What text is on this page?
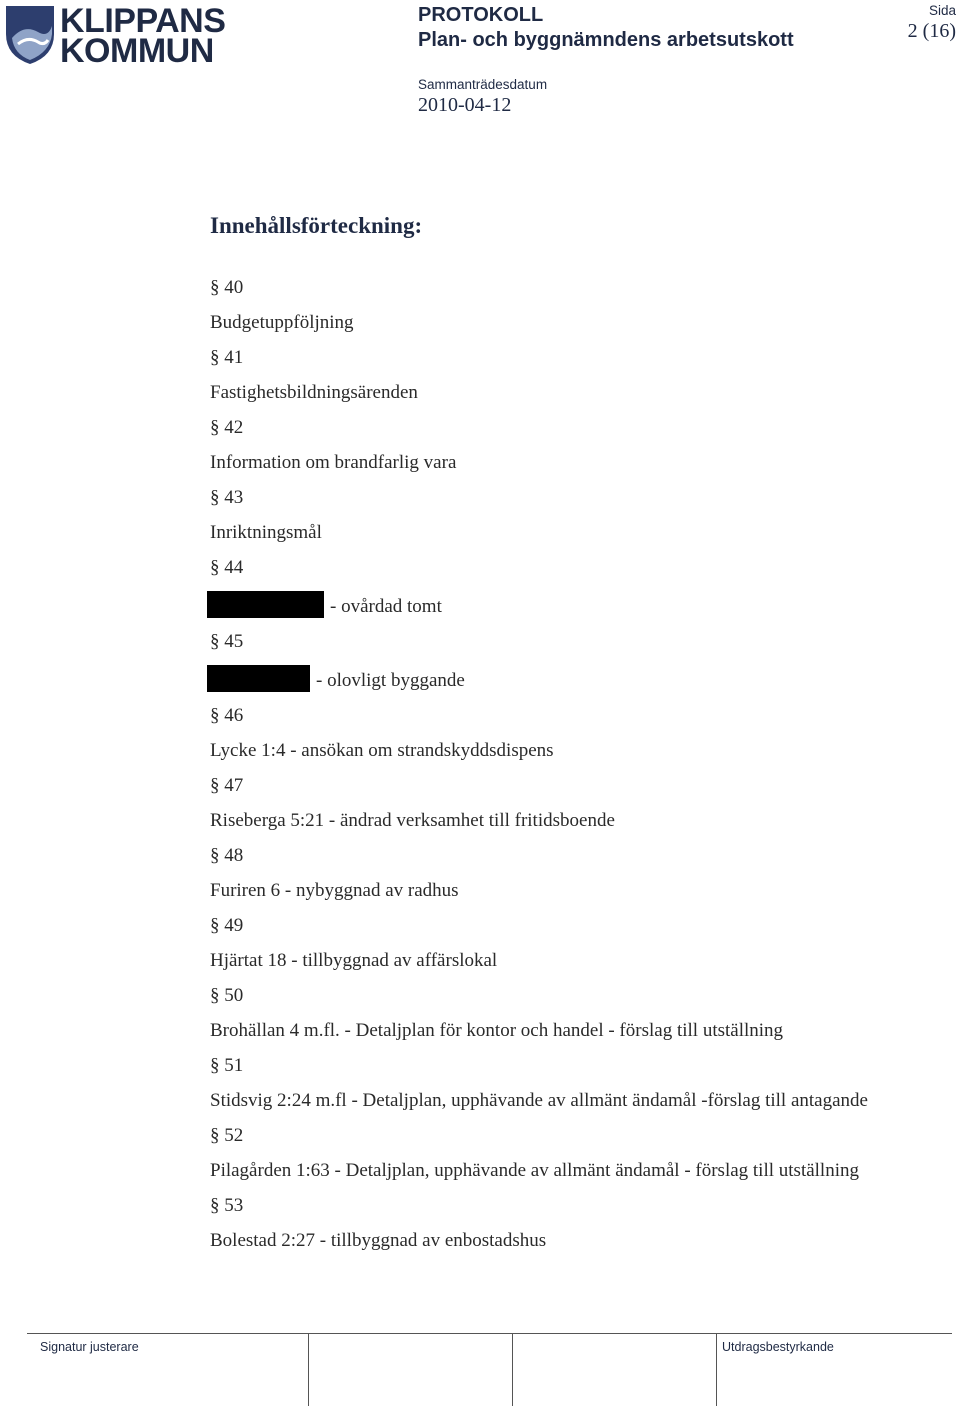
KLIPPANS
KOMMUN
PROTOKOLL
Plan- och byggnämndens arbetsutskott
Sammanträdesdatum
2010-04-12
Sida
2 (16)
Innehållsförteckning:
§ 40
Budgetuppföljning
§ 41
Fastighetsbildningsärenden
§ 42
Information om brandfarlig vara
§ 43
Inriktningsmål
§ 44
- ovårdad tomt
§ 45
- olovligt byggande
§ 46
Lycke 1:4 - ansökan om strandskyddsdispens
§ 47
Riseberga 5:21 - ändrad verksamhet till fritidsboende
§ 48
Furiren 6 - nybyggnad av radhus
§ 49
Hjärtat 18 - tillbyggnad av affärslokal
§ 50
Brohällan 4 m.fl. - Detaljplan för kontor och handel - förslag till utställning
§ 51
Stidsvig 2:24 m.fl - Detaljplan, upphävande av allmänt ändamål -förslag till antagande
§ 52
Pilagården 1:63 - Detaljplan, upphävande av allmänt ändamål - förslag till utställning
§ 53
Bolestad 2:27 - tillbyggnad av enbostadshus
Signatur justerare	Utdragsbestyrkande
